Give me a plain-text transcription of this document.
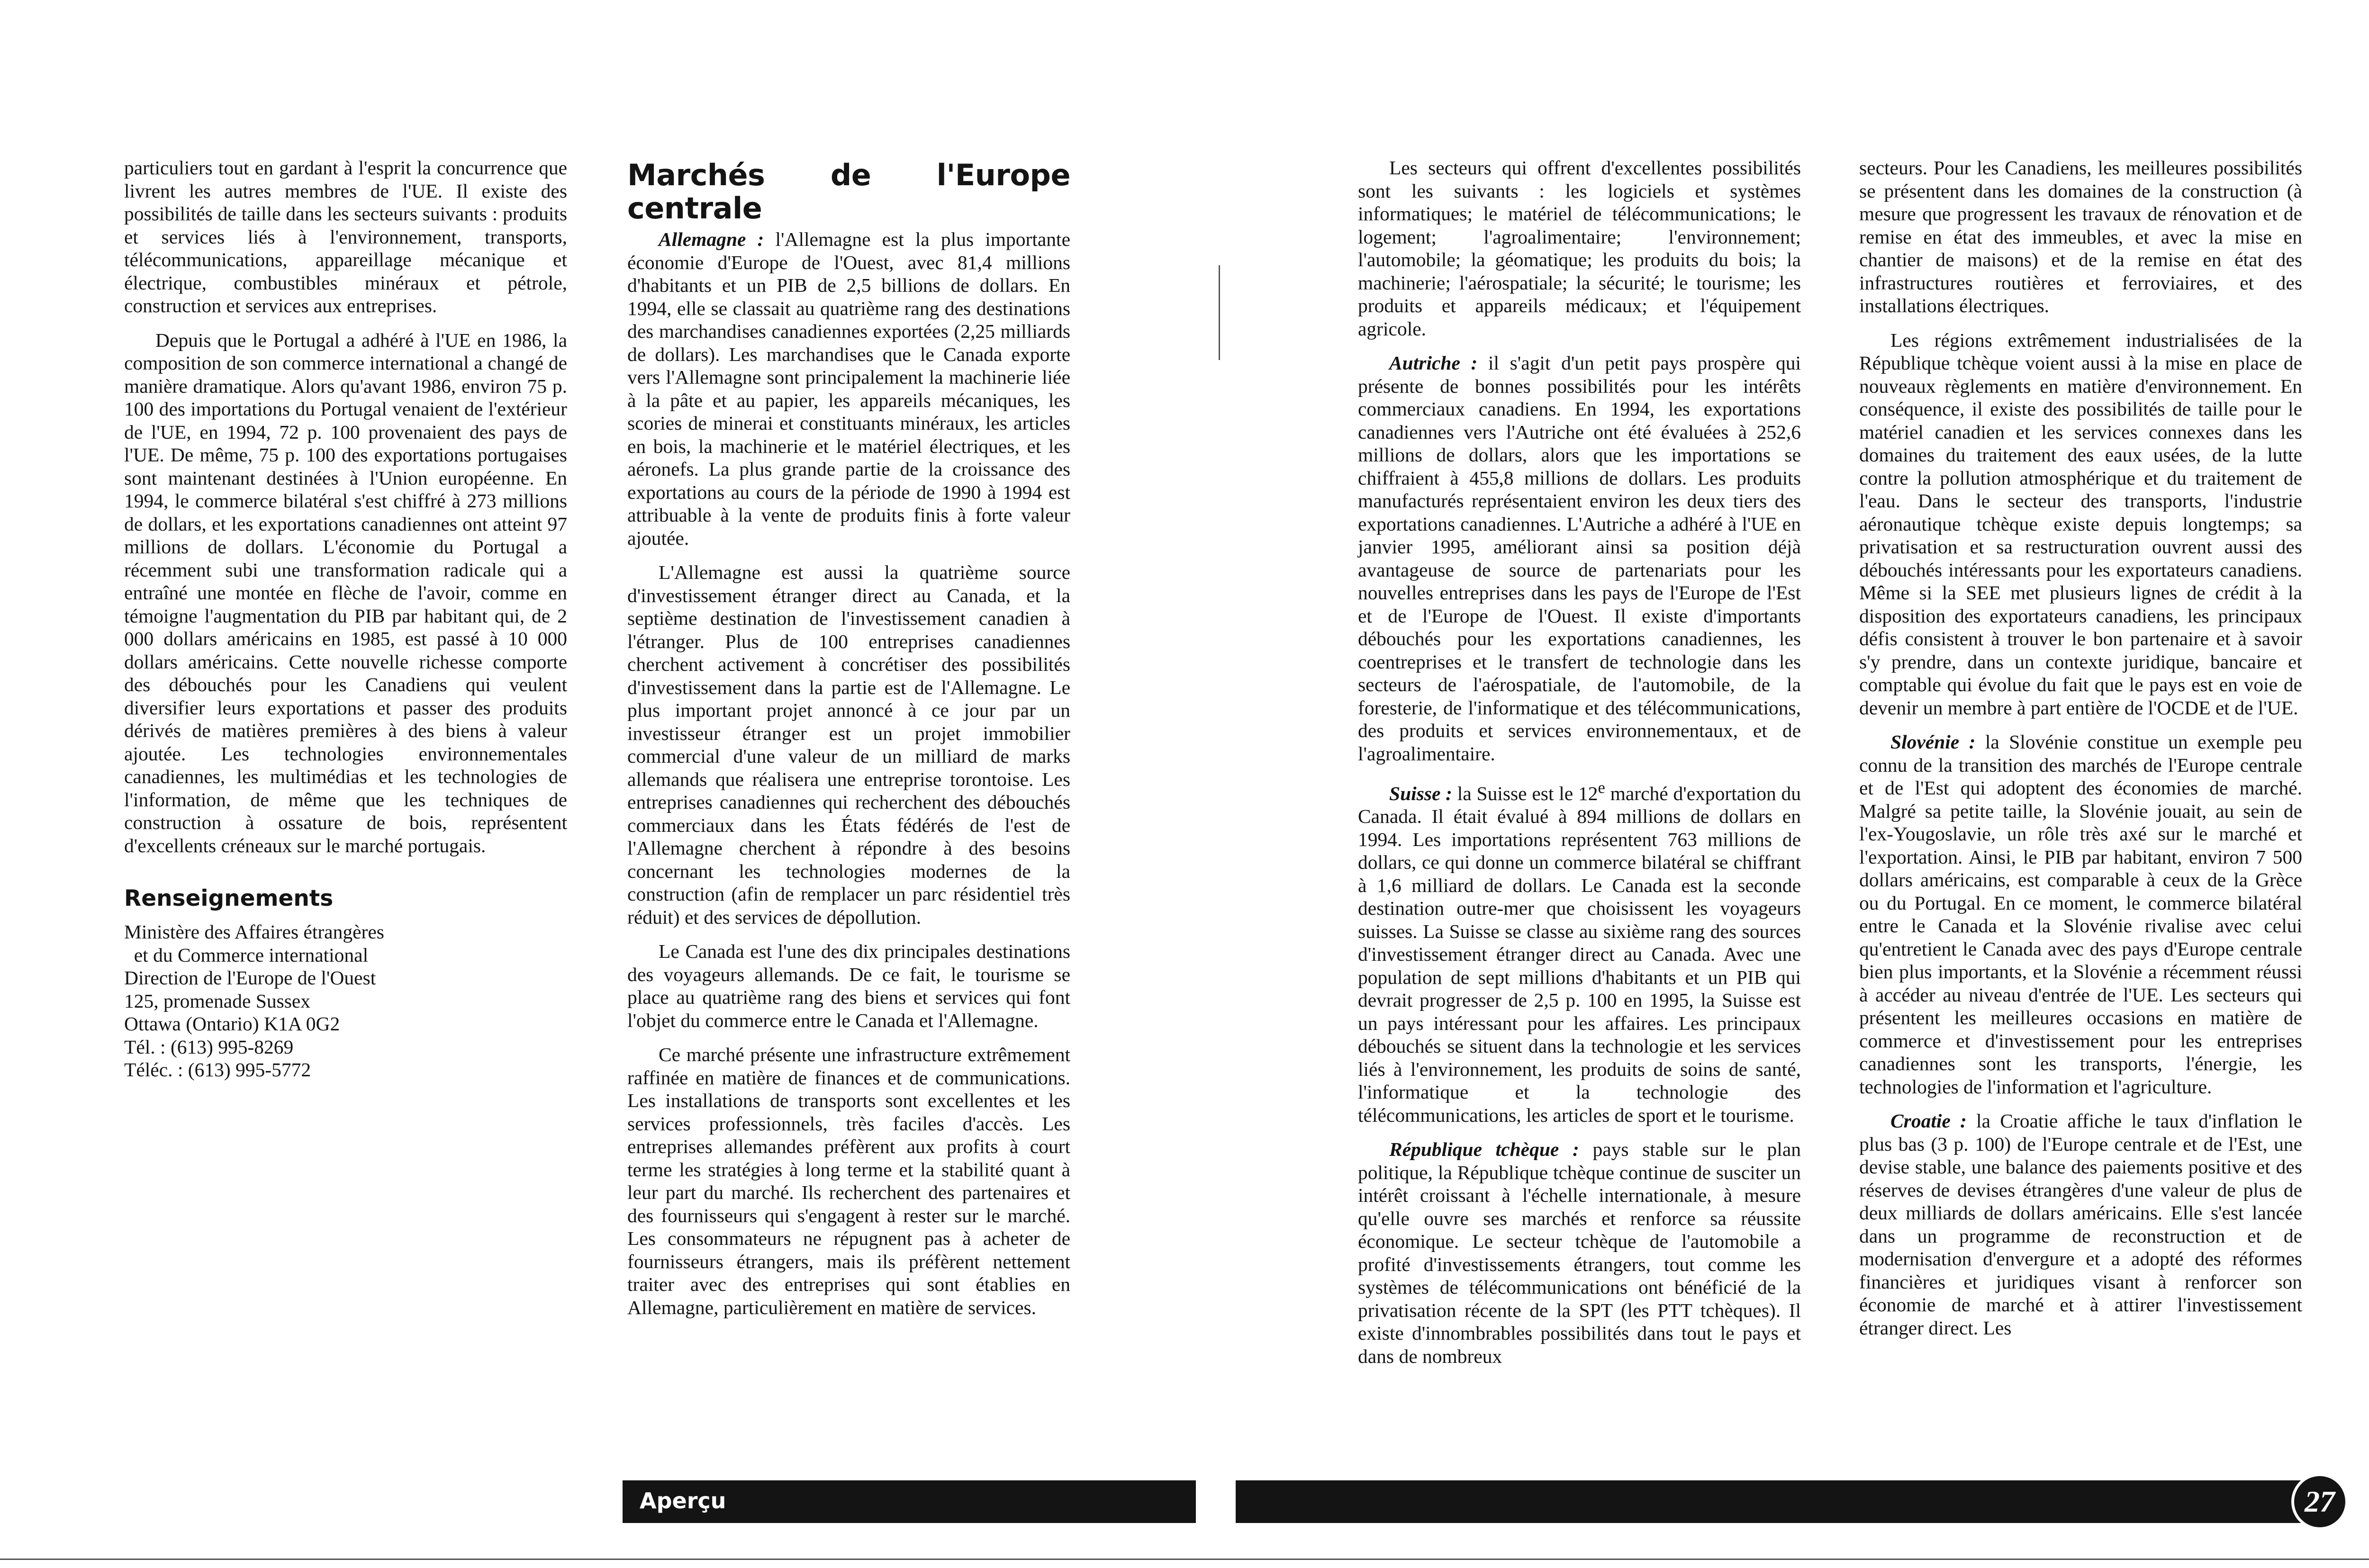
particuliers tout en gardant à l'esprit la concurrence que livrent les autres membres de l'UE. Il existe des possibilités de taille dans les secteurs suivants : produits et services liés à l'environnement, transports, télécommunications, appareillage mécanique et électrique, combustibles minéraux et pétrole, construction et services aux entreprises.

Depuis que le Portugal a adhéré à l'UE en 1986, la composition de son commerce international a changé de manière dramatique. Alors qu'avant 1986, environ 75 p. 100 des importations du Portugal venaient de l'extérieur de l'UE, en 1994, 72 p. 100 provenaient des pays de l'UE. De même, 75 p. 100 des exportations portugaises sont maintenant destinées à l'Union européenne. En 1994, le commerce bilatéral s'est chiffré à 273 millions de dollars, et les exportations canadiennes ont atteint 97 millions de dollars. L'économie du Portugal a récemment subi une transformation radicale qui a entraîné une montée en flèche de l'avoir, comme en témoigne l'augmentation du PIB par habitant qui, de 2 000 dollars américains en 1985, est passé à 10 000 dollars américains. Cette nouvelle richesse comporte des débouchés pour les Canadiens qui veulent diversifier leurs exportations et passer des produits dérivés de matières premières à des biens à valeur ajoutée. Les technologies environnementales canadiennes, les multimédias et les technologies de l'information, de même que les techniques de construction à ossature de bois, représentent d'excellents créneaux sur le marché portugais.

Renseignements
Ministère des Affaires étrangères
et du Commerce international
Direction de l'Europe de l'Ouest
125, promenade Sussex
Ottawa (Ontario) K1A 0G2
Tél. : (613) 995-8269
Téléc. : (613) 995-5772
Marchés de l'Europe centrale

Allemagne : l'Allemagne est la plus importante économie d'Europe de l'Ouest, avec 81,4 millions d'habitants et un PIB de 2,5 billions de dollars. En 1994, elle se classait au quatrième rang des destinations des marchandises canadiennes exportées (2,25 milliards de dollars). Les marchandises que le Canada exporte vers l'Allemagne sont principalement la machinerie liée à la pâte et au papier, les appareils mécaniques, les scories de minerai et constituants minéraux, les articles en bois, la machinerie et le matériel électriques, et les aéronefs. La plus grande partie de la croissance des exportations au cours de la période de 1990 à 1994 est attribuable à la vente de produits finis à forte valeur ajoutée.

L'Allemagne est aussi la quatrième source d'investissement étranger direct au Canada, et la septième destination de l'investissement canadien à l'étranger. Plus de 100 entreprises canadiennes cherchent activement à concrétiser des possibilités d'investissement dans la partie est de l'Allemagne. Le plus important projet annoncé à ce jour par un investisseur étranger est un projet immobilier commercial d'une valeur de un milliard de marks allemands que réalisera une entreprise torontoise. Les entreprises canadiennes qui recherchent des débouchés commerciaux dans les États fédérés de l'est de l'Allemagne cherchent à répondre à des besoins concernant les technologies modernes de la construction (afin de remplacer un parc résidentiel très réduit) et des services de dépollution.

Le Canada est l'une des dix principales destinations des voyageurs allemands. De ce fait, le tourisme se place au quatrième rang des biens et services qui font l'objet du commerce entre le Canada et l'Allemagne.

Ce marché présente une infrastructure extrêmement raffinée en matière de finances et de communications. Les installations de transports sont excellentes et les services professionnels, très faciles d'accès. Les entreprises allemandes préfèrent aux profits à court terme les stratégies à long terme et la stabilité quant à leur part du marché. Ils recherchent des partenaires et des fournisseurs qui s'engagent à rester sur le marché. Les consommateurs ne répugnent pas à acheter de fournisseurs étrangers, mais ils préfèrent nettement traiter avec des entreprises qui sont établies en Allemagne, particulièrement en matière de services.

Les secteurs qui offrent d'excellentes possibilités sont les suivants : les logiciels et systèmes informatiques; le matériel de télécommunications; le logement; l'agroalimentaire; l'environnement; l'automobile; la géomatique; les produits du bois; la machinerie; l'aérospatiale; la sécurité; le tourisme; les produits et appareils médicaux; et l'équipement agricole.

Autriche : il s'agit d'un petit pays prospère qui présente de bonnes possibilités pour les intérêts commerciaux canadiens. En 1994, les exportations canadiennes vers l'Autriche ont été évaluées à 252,6 millions de dollars, alors que les importations se chiffraient à 455,8 millions de dollars. Les produits manufacturés représentaient environ les deux tiers des exportations canadiennes. L'Autriche a adhéré à l'UE en janvier 1995, améliorant ainsi sa position déjà avantageuse de source de partenariats pour les nouvelles entreprises dans les pays de l'Europe de l'Est et de l'Europe de l'Ouest. Il existe d'importants débouchés pour les exportations canadiennes, les coentreprises et le transfert de technologie dans les secteurs de l'aérospatiale, de l'automobile, de la foresterie, de l'informatique et des télécommunications, des produits et services environnementaux, et de l'agroalimentaire.

Suisse : la Suisse est le 12e marché d'exportation du Canada. Il était évalué à 894 millions de dollars en 1994. Les importations représentent 763 millions de dollars, ce qui donne un commerce bilatéral se chiffrant à 1,6 milliard de dollars. Le Canada est la seconde destination outre-mer que choisissent les voyageurs suisses. La Suisse se classe au sixième rang des sources d'investissement étranger direct au Canada. Avec une population de sept millions d'habitants et un PIB qui devrait progresser de 2,5 p. 100 en 1995, la Suisse est un pays intéressant pour les affaires. Les principaux débouchés se situent dans la technologie et les services liés à l'environnement, les produits de soins de santé, l'informatique et la technologie des télécommunications, les articles de sport et le tourisme.

République tchèque : pays stable sur le plan politique, la République tchèque continue de susciter un intérêt croissant à l'échelle internationale, à mesure qu'elle ouvre ses marchés et renforce sa réussite économique. Le secteur tchèque de l'automobile a profité d'investissements étrangers, tout comme les systèmes de télécommunications ont bénéficié de la privatisation récente de la SPT (les PTT tchèques). Il existe d'innombrables possibilités dans tout le pays et dans de nombreux

secteurs. Pour les Canadiens, les meilleures possibilités se présentent dans les domaines de la construction (à mesure que progressent les travaux de rénovation et de remise en état des immeubles, et avec la mise en chantier de maisons) et de la remise en état des infrastructures routières et ferroviaires, et des installations électriques.

Les régions extrêmement industrialisées de la République tchèque voient aussi à la mise en place de nouveaux règlements en matière d'environnement. En conséquence, il existe des possibilités de taille pour le matériel canadien et les services connexes dans les domaines du traitement des eaux usées, de la lutte contre la pollution atmosphérique et du traitement de l'eau. Dans le secteur des transports, l'industrie aéronautique tchèque existe depuis longtemps; sa privatisation et sa restructuration ouvrent aussi des débouchés intéressants pour les exportateurs canadiens. Même si la SEE met plusieurs lignes de crédit à la disposition des exportateurs canadiens, les principaux défis consistent à trouver le bon partenaire et à savoir s'y prendre, dans un contexte juridique, bancaire et comptable qui évolue du fait que le pays est en voie de devenir un membre à part entière de l'OCDE et de l'UE.

Slovénie : la Slovénie constitue un exemple peu connu de la transition des marchés de l'Europe centrale et de l'Est qui adoptent des économies de marché. Malgré sa petite taille, la Slovénie jouait, au sein de l'ex-Yougoslavie, un rôle très axé sur le marché et l'exportation. Ainsi, le PIB par habitant, environ 7 500 dollars américains, est comparable à ceux de la Grèce ou du Portugal. En ce moment, le commerce bilatéral entre le Canada et la Slovénie rivalise avec celui qu'entretient le Canada avec des pays d'Europe centrale bien plus importants, et la Slovénie a récemment réussi à accéder au niveau d'entrée de l'UE. Les secteurs qui présentent les meilleures occasions en matière de commerce et d'investissement pour les entreprises canadiennes sont les transports, l'énergie, les technologies de l'information et l'agriculture.

Croatie : la Croatie affiche le taux d'inflation le plus bas (3 p. 100) de l'Europe centrale et de l'Est, une devise stable, une balance des paiements positive et des réserves de devises étrangères d'une valeur de plus de deux milliards de dollars américains. Elle s'est lancée dans un programme de reconstruction et de modernisation d'envergure et a adopté des réformes financières et juridiques visant à renforcer son économie de marché et à attirer l'investissement étranger direct. Les

Aperçu	27
